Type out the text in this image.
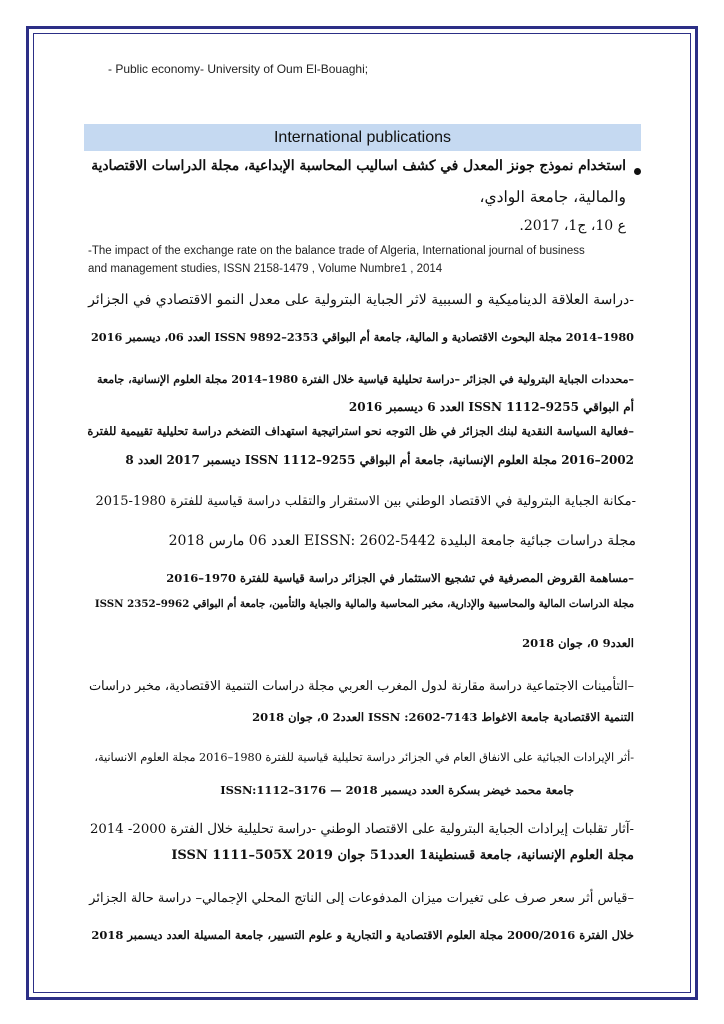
- Public economy- University of Oum El-Bouaghi;
International publications
استخدام نموذج جونز المعدل في كشف اساليب المحاسبة الإبداعية، مجلة الدراسات الاقتصادية
والمالية، جامعة الوادي،
ع 10، ج1، 2017.
-The impact of the exchange rate on the balance trade of Algeria, International journal of business
and management studies, ISSN 2158-1479 , Volume Numbre1 , 2014
-دراسة العلاقة الديناميكية و السببية لاثر الجباية البترولية على معدل النمو الاقتصادي في الجزائر
1980–2014 مجلة البحوث الاقتصادية و المالية، جامعة أم البواقي 2353–9892 ISSN العدد 06، ديسمبر 2016
–محددات الجباية البترولية في الجزائر –دراسة تحليلية قياسية خلال الفترة 1980–2014 مجلة العلوم الإنسانية، جامعة
أم البواقي ISSN 1112–9255 العدد 6 ديسمبر 2016
–فعالية السياسة النقدية لبنك الجزائر في ظل التوجه نحو استراتيجية استهداف التضخم دراسة تحليلية تقييمية للفترة
2002–2016 مجلة العلوم الإنسانية، جامعة أم البواقي ISSN 1112–9255 ديسمبر 2017 العدد 8
-مكانة الجباية البترولية في الاقتصاد الوطني بين الاستقرار والتقلب دراسة قياسية للفترة 1980-2015
مجلة دراسات جبائية جامعة البليدة EISSN: 2602-5442 العدد 06 مارس 2018
–مساهمة القروض المصرفية في تشجيع الاستثمار في الجزائر دراسة قياسية للفترة 1970–2016
مجلة الدراسات المالية والمحاسبية والإدارية، مخبر المحاسبة والمالية والجباية والتأمين، جامعة أم البواقي 9962–2352 ISSN
العدد9 0، جوان 2018
–التأمينات الاجتماعية دراسة مقارنة لدول المغرب العربي مجلة دراسات التنمية الاقتصادية، مخبر دراسات
التنمية الاقتصادية جامعة الاغواط ISSN :2602-7143 العدد2 0، جوان 2018
-أثر الإيرادات الجبائية على الانفاق العام في الجزائر دراسة تحليلية قياسية للفترة 1980–2016 مجلة العلوم الانسانية،
جامعة محمد خيضر بسكرة العدد ديسمبر 2018 — ISSN:1112–3176
-آثار تقلبات إيرادات الجباية البترولية على الاقتصاد الوطني -دراسة تحليلية خلال الفترة 2000- 2014
مجلة العلوم الإنسانية، جامعة قسنطينة1 العدد51 جوان 2019 ISSN 1111–505X
–قياس أثر سعر صرف على تغيرات ميزان المدفوعات إلى الناتج المحلي الإجمالي– دراسة حالة الجزائر
خلال الفترة 2000/2016 مجلة العلوم الاقتصادية و التجارية و علوم التسيير، جامعة المسيلة العدد ديسمبر 2018
